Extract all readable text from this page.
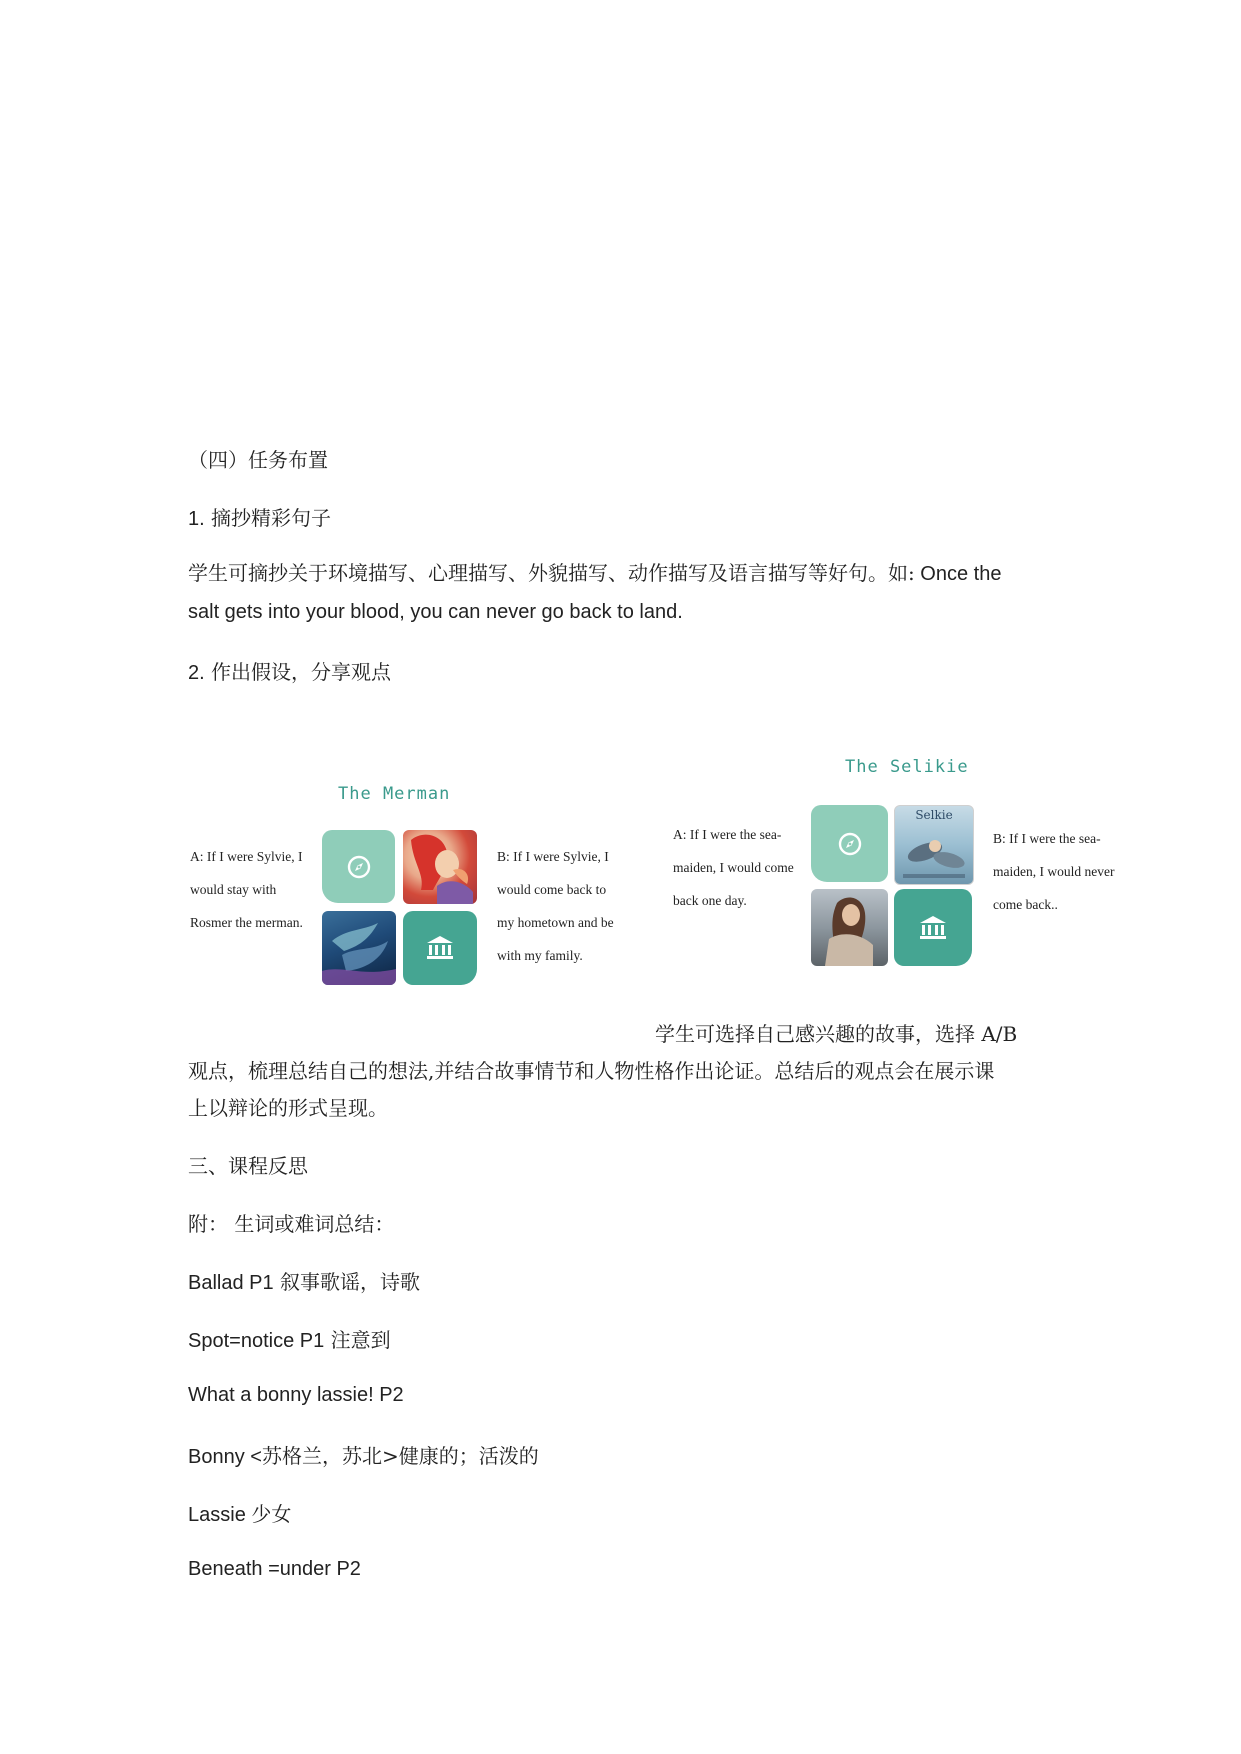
（四）任务布置
1. 摘抄精彩句子
学生可摘抄关于环境描写、心理描写、外貌描写、动作描写及语言描写等好句。如: Once the
salt gets into your blood, you can never go back to land.
2. 作出假设，分享观点
The Merman
A: If I were Sylvie, I
would stay with
Rosmer the merman.
B: If I were Sylvie, I
would come back to
my hometown and be
with my family.
The Selikie
A: If I were the sea-
maiden, I would come
back one day.
Selkie
B: If I were the sea-
maiden, I would never
come back..
学生可选择自己感兴趣的故事，选择 A/B
观点，梳理总结自己的想法,并结合故事情节和人物性格作出论证。总结后的观点会在展示课
上以辩论的形式呈现。
三、课程反思
附： 生词或难词总结：
Ballad P1 叙事歌谣，诗歌
Spot=notice P1 注意到
What a bonny lassie! P2
Bonny <苏格兰，苏北>健康的；活泼的
Lassie 少女
Beneath =under P2
